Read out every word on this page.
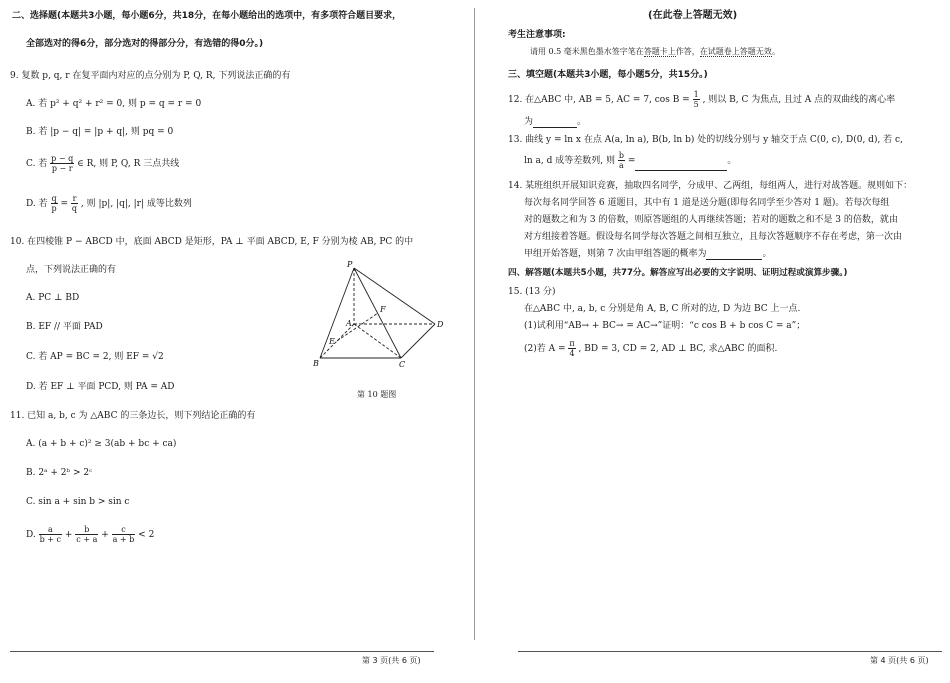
二、选择题(本题共3小题，每小题6分，共18分，在每小题给出的选项中，有多项符合题目要求，
全部选对的得6分，部分选对的得部分分，有选错的得0分。)
9. 复数 p, q, r 在复平面内对应的点分别为 P, Q, R, 下列说法正确的有
A. 若 p² + q² + r² = 0, 则 p = q = r = 0
B. 若 |p − q| = |p + q|, 则 pq = 0
C. 若 $\frac{p - q}{p - r}$ ∈ R, 则 P, Q, R 三点共线
D. 若 $\frac{q}{p} = \frac{r}{q}$ , 则 |p|, |q|, |r| 成等比数列
10. 在四棱锥 P − ABCD 中，底面 ABCD 是矩形，PA ⊥ 平面 ABCD, E, F 分别为棱 AB, PC 的中
点，下列说法正确的有
A. PC ⊥ BD
B. EF // 平面 PAD
C. 若 AP = BC = 2, 则 EF = √2
D. 若 EF ⊥ 平面 PCD, 则 PA = AD
P
A
B	C
D
E
F
第 10 题图
11. 已知 a, b, c 为 △ABC 的三条边长，则下列结论正确的有
A. (a + b + c)² ≥ 3(ab + bc + ca)
B. 2ᵃ + 2ᵇ > 2ᶜ
C. sin a + sin b > sin c
D. $\frac{a}{b + c} + \frac{b}{c + a} + \frac{c}{a + b} < 2$
第 3 页(共 6 页)
(在此卷上答题无效)
考生注意事项:
请用 0.5 毫米黑色墨水签字笔在答题卡上作答，在试题卷上答题无效。
三、填空题(本题共3小题，每小题5分，共15分。)
12. 在△ABC 中, AB = 5, AC = 7, $\cos B = \frac{1}{5}$ , 则以 B, C 为焦点, 且过 A 点的双曲线的离心率
为	。
13. 曲线 y = ln x 在点 A(a, ln a), B(b, ln b) 处的切线分别与 y 轴交于点 C(0, c), D(0, d), 若 c,
ln a, d 成等差数列, 则 $\frac{b}{a}$ =	。
14. 某班组织开展知识竞赛，抽取四名同学，分成甲、乙两组，每组两人，进行对战答题。规则如下：
每次每名同学回答 6 道题目，其中有 1 道是送分题(即每名同学至少答对 1 题)。若每次每组
对的题数之和为 3 的倍数，则原答题组的人再继续答题；若对的题数之和不是 3 的倍数，就由
对方组接着答题。假设每名同学每次答题之间相互独立，且每次答题顺序不存在考虑，第一次由
甲组开始答题，则第 7 次由甲组答题的概率为	。
四、解答题(本题共5小题，共77分。解答应写出必要的文字说明、证明过程或演算步骤。)
15. (13 分)
在△ABC 中, a, b, c 分别是角 A, B, C 所对的边, D 为边 BC 上一点.
(1)试利用“AB→ + BC→ = AC→”证明：“c cos B + b cos C = a”；
(2)若 $A = \frac{\pi}{4}$ , BD = 3, CD = 2, AD ⊥ BC, 求△ABC 的面积.
第 4 页(共 6 页)
